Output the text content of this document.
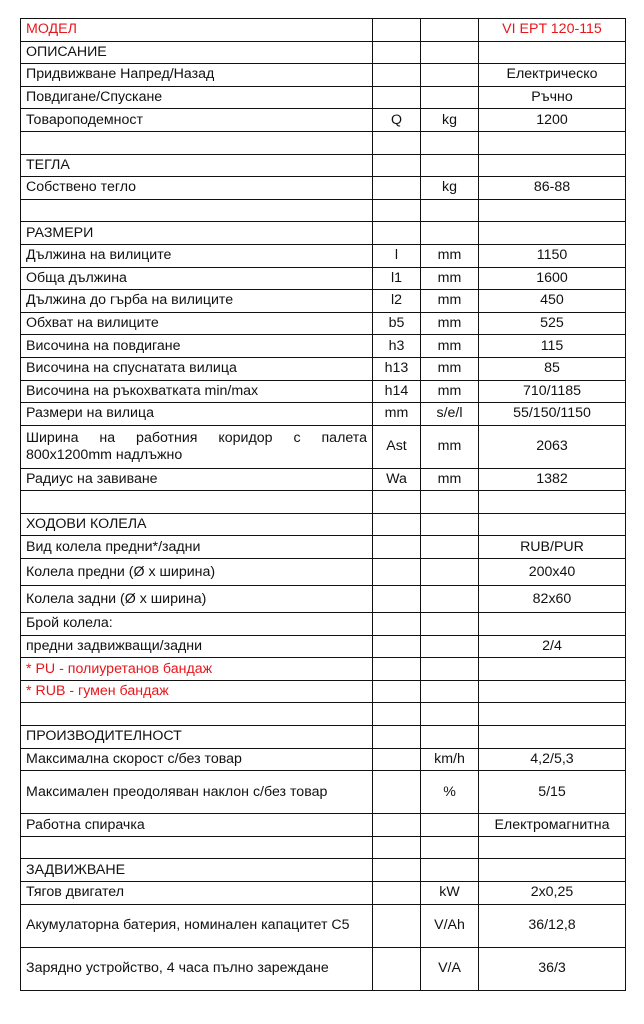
МОДЕЛ			VI EPT 120-115
ОПИСАНИЕ			
Придвижване Напред/Назад			Електрическо
Повдигане/Спускане			Ръчно
Товароподемност	Q	kg	1200

ТЕГЛА			
Собствено тегло		kg	86-88

РАЗМЕРИ			
Дължина на вилиците	l	mm	1150
Обща дължина	l1	mm	1600
Дължина до гърба на вилиците	l2	mm	450
Обхват на вилиците	b5	mm	525
Височина на повдигане	h3	mm	115
Височина на спуснатата вилица	h13	mm	85
Височина на ръкохватката min/max	h14	mm	710/1185
Размери на вилица	mm	s/e/l	55/150/1150
Ширина на работния коридор с палета 800x1200mm надлъжно	Ast	mm	2063
Радиус на завиване	Wa	mm	1382

ХОДОВИ КОЛЕЛА			
Вид колела предни*/задни			RUB/PUR
Колела предни (Ø x ширина)			200x40
Колела задни (Ø x ширина)			82x60
Брой колела:			
предни задвижващи/задни			2/4
* PU - полиуретанов бандаж			
* RUB - гумен бандаж			

ПРОИЗВОДИТЕЛНОСТ			
Максимална скорост с/без товар		km/h	4,2/5,3
Максимален преодоляван наклон с/без товар		%	5/15
Работна спирачка			Електромагнитна

ЗАДВИЖВАНЕ			
Тягов двигател		kW	2x0,25
Акумулаторна батерия, номинален капацитет С5		V/Ah	36/12,8
Зарядно устройство, 4 часа пълно зареждане		V/A	36/3
